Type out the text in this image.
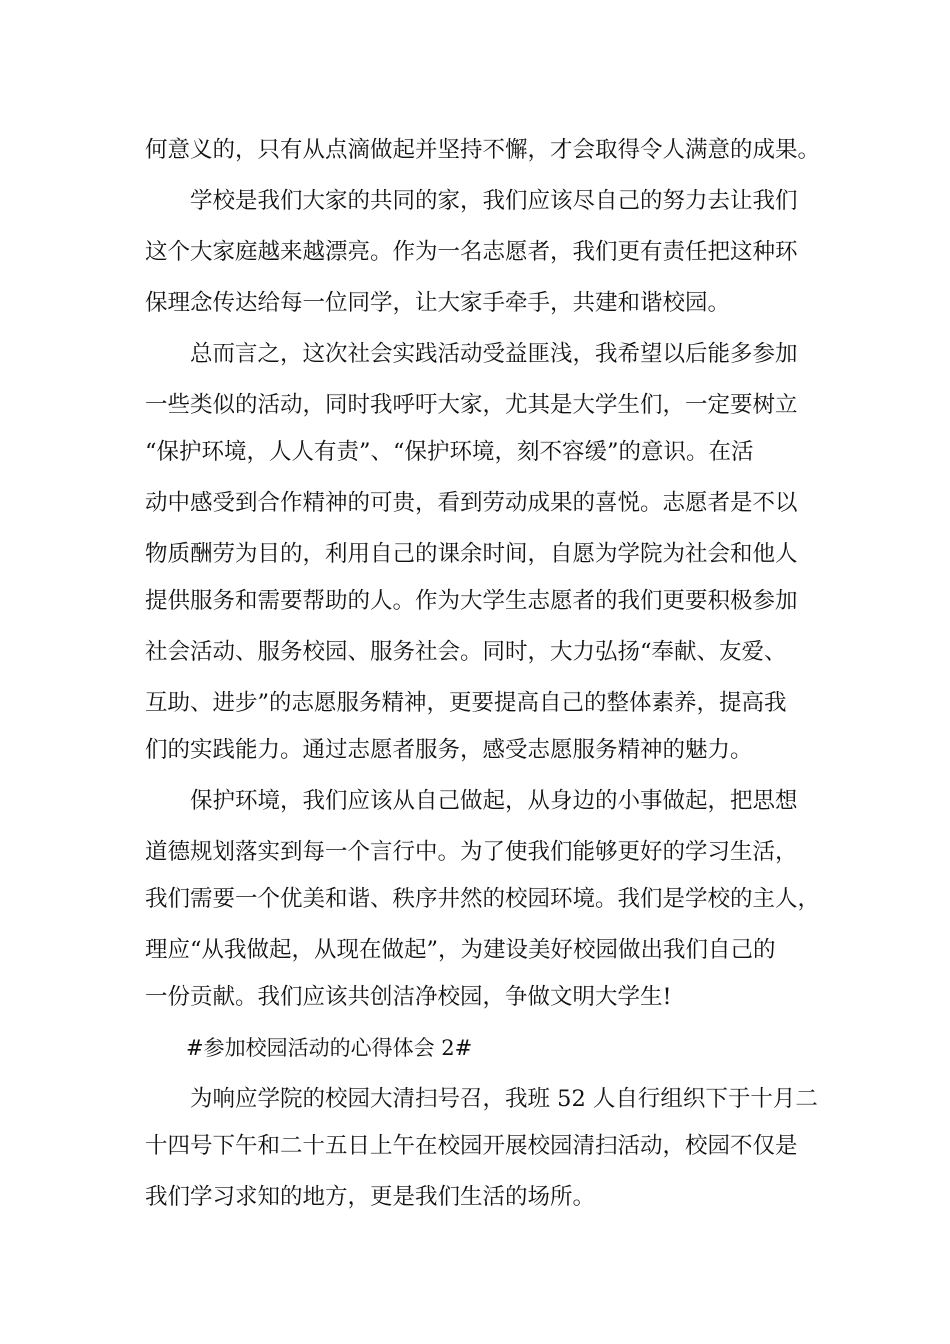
何意义的，只有从点滴做起并坚持不懈，才会取得令人满意的成果。
学校是我们大家的共同的家，我们应该尽自己的努力去让我们
这个大家庭越来越漂亮。作为一名志愿者，我们更有责任把这种环
保理念传达给每一位同学，让大家手牵手，共建和谐校园。
总而言之，这次社会实践活动受益匪浅，我希望以后能多参加
一些类似的活动，同时我呼吁大家，尤其是大学生们，一定要树立
“保护环境，人人有责”、“保护环境，刻不容缓”的意识。在活
动中感受到合作精神的可贵，看到劳动成果的喜悦。志愿者是不以
物质酬劳为目的，利用自己的课余时间，自愿为学院为社会和他人
提供服务和需要帮助的人。作为大学生志愿者的我们更要积极参加
社会活动、服务校园、服务社会。同时，大力弘扬“奉献、友爱、
互助、进步”的志愿服务精神，更要提高自己的整体素养，提高我
们的实践能力。通过志愿者服务，感受志愿服务精神的魅力。
保护环境，我们应该从自己做起，从身边的小事做起，把思想
道德规划落实到每一个言行中。为了使我们能够更好的学习生活，
我们需要一个优美和谐、秩序井然的校园环境。我们是学校的主人，
理应“从我做起，从现在做起”，为建设美好校园做出我们自己的
一份贡献。我们应该共创洁净校园，争做文明大学生!
#参加校园活动的心得体会 2#
为响应学院的校园大清扫号召，我班 52 人自行组织下于十月二
十四号下午和二十五日上午在校园开展校园清扫活动，校园不仅是
我们学习求知的地方，更是我们生活的场所。
